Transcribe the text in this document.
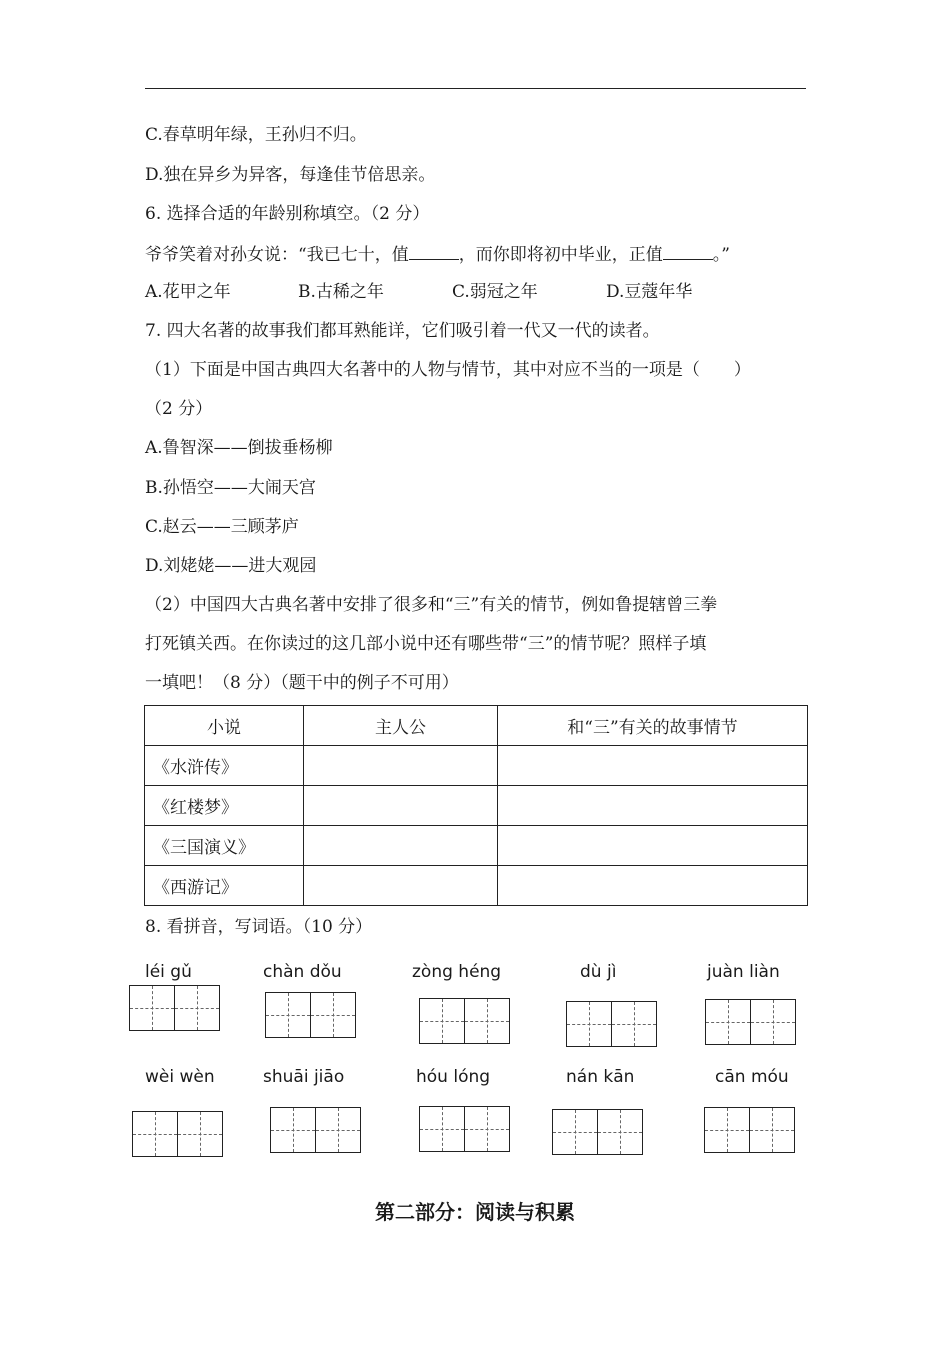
C.春草明年绿，王孙归不归。
D.独在异乡为异客，每逢佳节倍思亲。
6. 选择合适的年龄别称填空。（2 分）
爷爷笑着对孙女说：“我已七十，值	，而你即将初中毕业，正值	。”
A.花甲之年	B.古稀之年	C.弱冠之年	D.豆蔻年华
7. 四大名著的故事我们都耳熟能详，它们吸引着一代又一代的读者。
（1）下面是中国古典四大名著中的人物与情节，其中对应不当的一项是（　　）
（2 分）
A.鲁智深——倒拔垂杨柳
B.孙悟空——大闹天宫
C.赵云——三顾茅庐
D.刘姥姥——进大观园
（2）中国四大古典名著中安排了很多和“三”有关的情节，例如鲁提辖曾三拳
打死镇关西。在你读过的这几部小说中还有哪些带“三”的情节呢？照样子填
一填吧！（8 分）（题干中的例子不可用）
小说	主人公	和“三”有关的故事情节
《水浒传》		
《红楼梦》		
《三国演义》		
《西游记》		
8. 看拼音，写词语。（10 分）
léi gǔ	chàn dǒu	zòng héng	dù jì	juàn liàn
wèi wèn	shuāi jiāo	hóu lóng	nán kān	cān móu
第二部分：阅读与积累
